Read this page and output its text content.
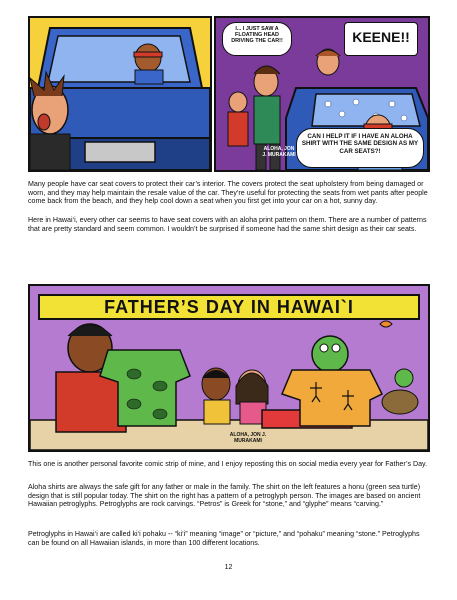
I... I JUST SAW A FLOATING HEAD DRIVING THE CAR!!	KEENE!!
CAN I HELP IT IF I HAVE AN ALOHA SHIRT WITH THE SAME DESIGN AS MY CAR SEATS?!
ALOHA, JON J. MURAKAMI

Many people have car seat covers to protect their car’s interior. The covers protect the seat upholstery from being damaged or worn, and they may help maintain the resale value of the car. They’re useful for protecting the seats from wet pants after people come back from the beach, and they help cool down a seat when you first get into your car on a hot, sunny day.

Here in Hawai‘i, every other car seems to have seat covers with an aloha print pattern on them. There are a number of patterns that are pretty standard and seem common. I wouldn’t be surprised if someone had the same shirt design as their car seats.

FATHER’S DAY IN HAWAI`I
ALOHA, JON J. MURAKAMI

This one is another personal favorite comic strip of mine, and I enjoy reposting this on social media every year for Father’s Day.

Aloha shirts are always the safe gift for any father or male in the family. The shirt on the left features a honu (green sea turtle) design that is still popular today. The shirt on the right has a pattern of a petroglyph person. The images are based on ancient Hawaiian petroglyphs. Petroglyphs are rock carvings. “Petros” is Greek for “stone,” and “glyphe” means “carving.”

Petroglyphs in Hawai‘i are called ki‘i pohaku -- “ki‘i” meaning “image” or “picture,” and “pohaku” meaning “stone.” Petroglyphs can be found on all Hawaiian islands, in more than 100 different locations.

12
